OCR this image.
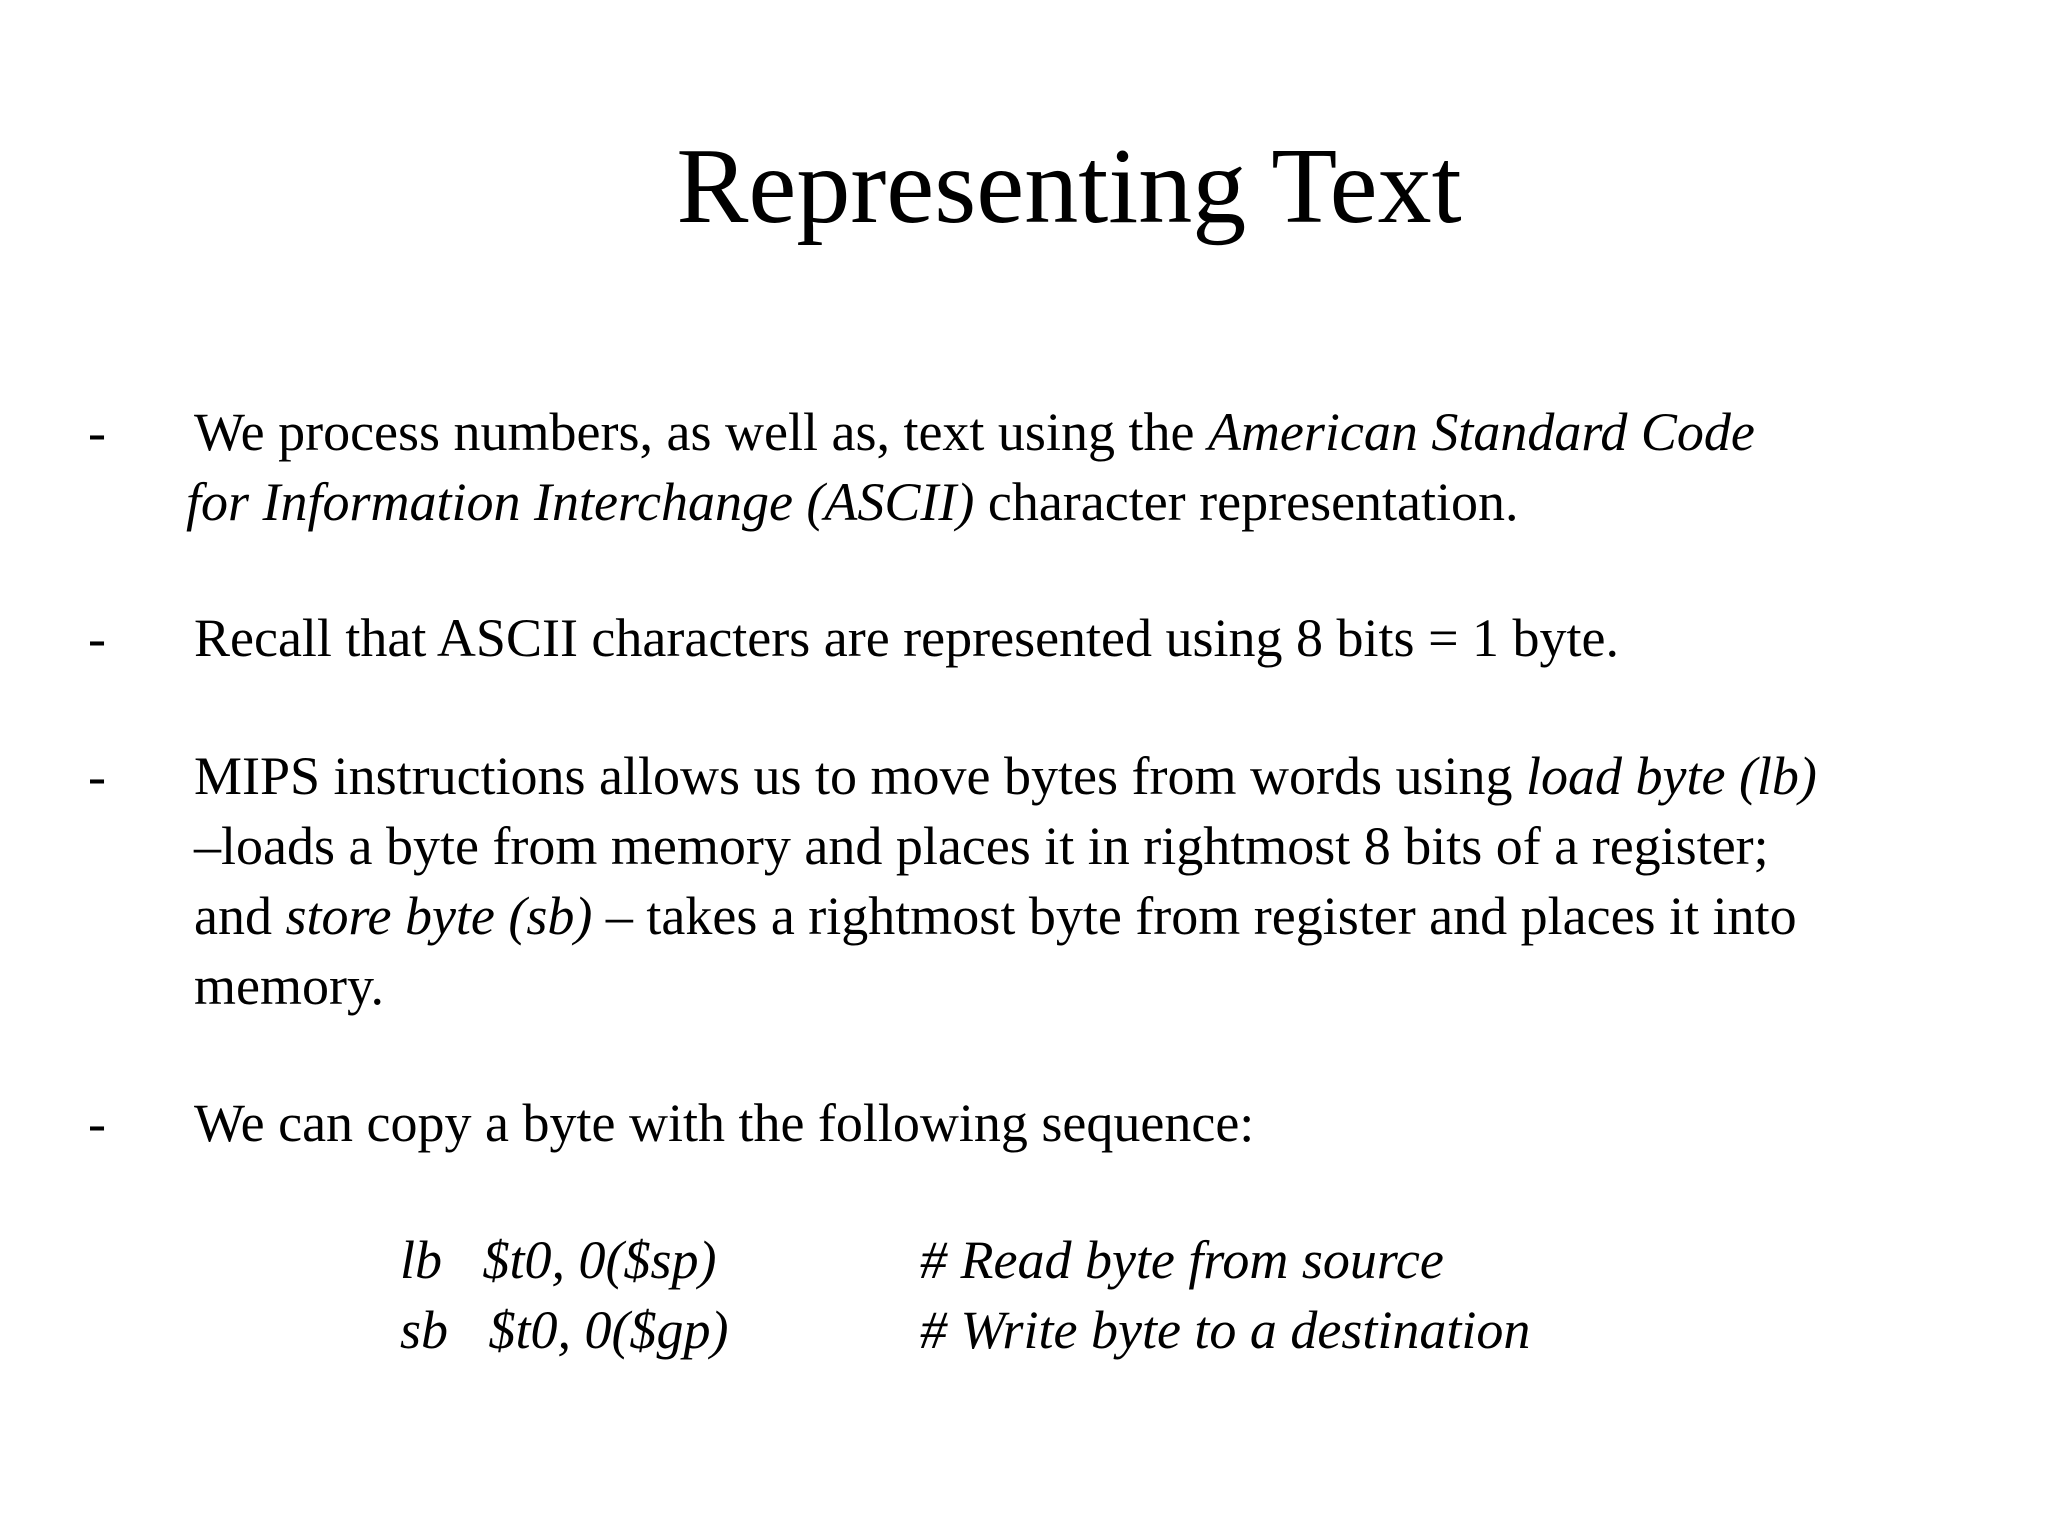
Representing Text
- We process numbers, as well as, text using the American Standard Code
for Information Interchange (ASCII) character representation.
- Recall that ASCII characters are represented using 8 bits = 1 byte.
- MIPS instructions allows us to move bytes from words using load byte (lb)
–loads a byte from memory and places it in rightmost 8 bits of a register;
and store byte (sb) – takes a rightmost byte from register and places it into
memory.
- We can copy a byte with the following sequence:
lb   $t0, 0($sp)	# Read byte from source
sb   $t0, 0($gp)	# Write byte to a destination
